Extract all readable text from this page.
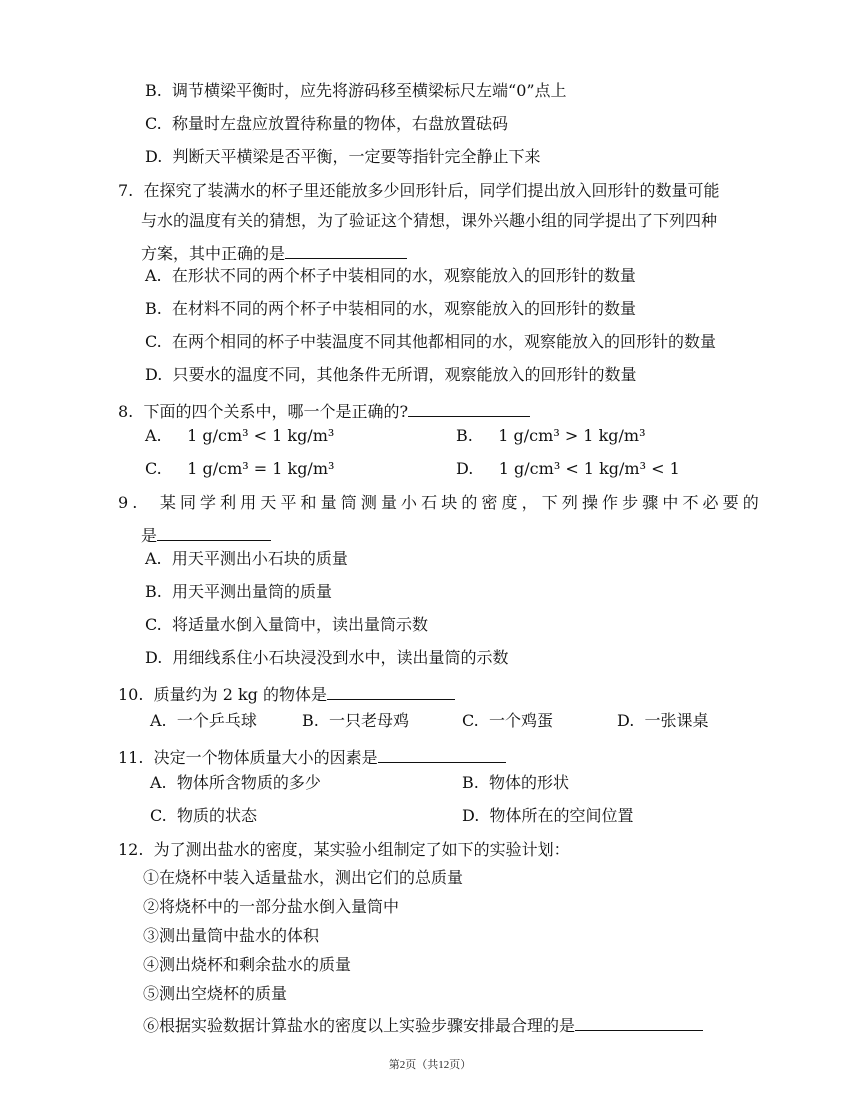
B. 调节横梁平衡时，应先将游码移至横梁标尺左端“0”点上
C. 称量时左盘应放置待称量的物体，右盘放置砝码
D. 判断天平横梁是否平衡，一定要等指针完全静止下来
7. 在探究了装满水的杯子里还能放多少回形针后，同学们提出放入回形针的数量可能
与水的温度有关的猜想，为了验证这个猜想，课外兴趣小组的同学提出了下列四种
方案，其中正确的是
A. 在形状不同的两个杯子中装相同的水，观察能放入的回形针的数量
B. 在材料不同的两个杯子中装相同的水，观察能放入的回形针的数量
C. 在两个相同的杯子中装温度不同其他都相同的水，观察能放入的回形针的数量
D. 只要水的温度不同，其他条件无所谓，观察能放入的回形针的数量
8. 下面的四个关系中，哪一个是正确的?
A. 1 g/cm³ < 1 kg/m³	B. 1 g/cm³ > 1 kg/m³
C. 1 g/cm³ = 1 kg/m³	D. 1 g/cm³ < 1 kg/m³ < 1
9. 某同学利用天平和量筒测量小石块的密度，下列操作步骤中不必要的
是
A. 用天平测出小石块的质量
B. 用天平测出量筒的质量
C. 将适量水倒入量筒中，读出量筒示数
D. 用细线系住小石块浸没到水中，读出量筒的示数
10. 质量约为 2 kg 的物体是
A. 一个乒乓球	B. 一只老母鸡	C. 一个鸡蛋	D. 一张课桌
11. 决定一个物体质量大小的因素是
A. 物体所含物质的多少	B. 物体的形状
C. 物质的状态	D. 物体所在的空间位置
12. 为了测出盐水的密度，某实验小组制定了如下的实验计划：
①在烧杯中装入适量盐水，测出它们的总质量
②将烧杯中的一部分盐水倒入量筒中
③测出量筒中盐水的体积
④测出烧杯和剩余盐水的质量
⑤测出空烧杯的质量
⑥根据实验数据计算盐水的密度以上实验步骤安排最合理的是
第2页（共12页）
